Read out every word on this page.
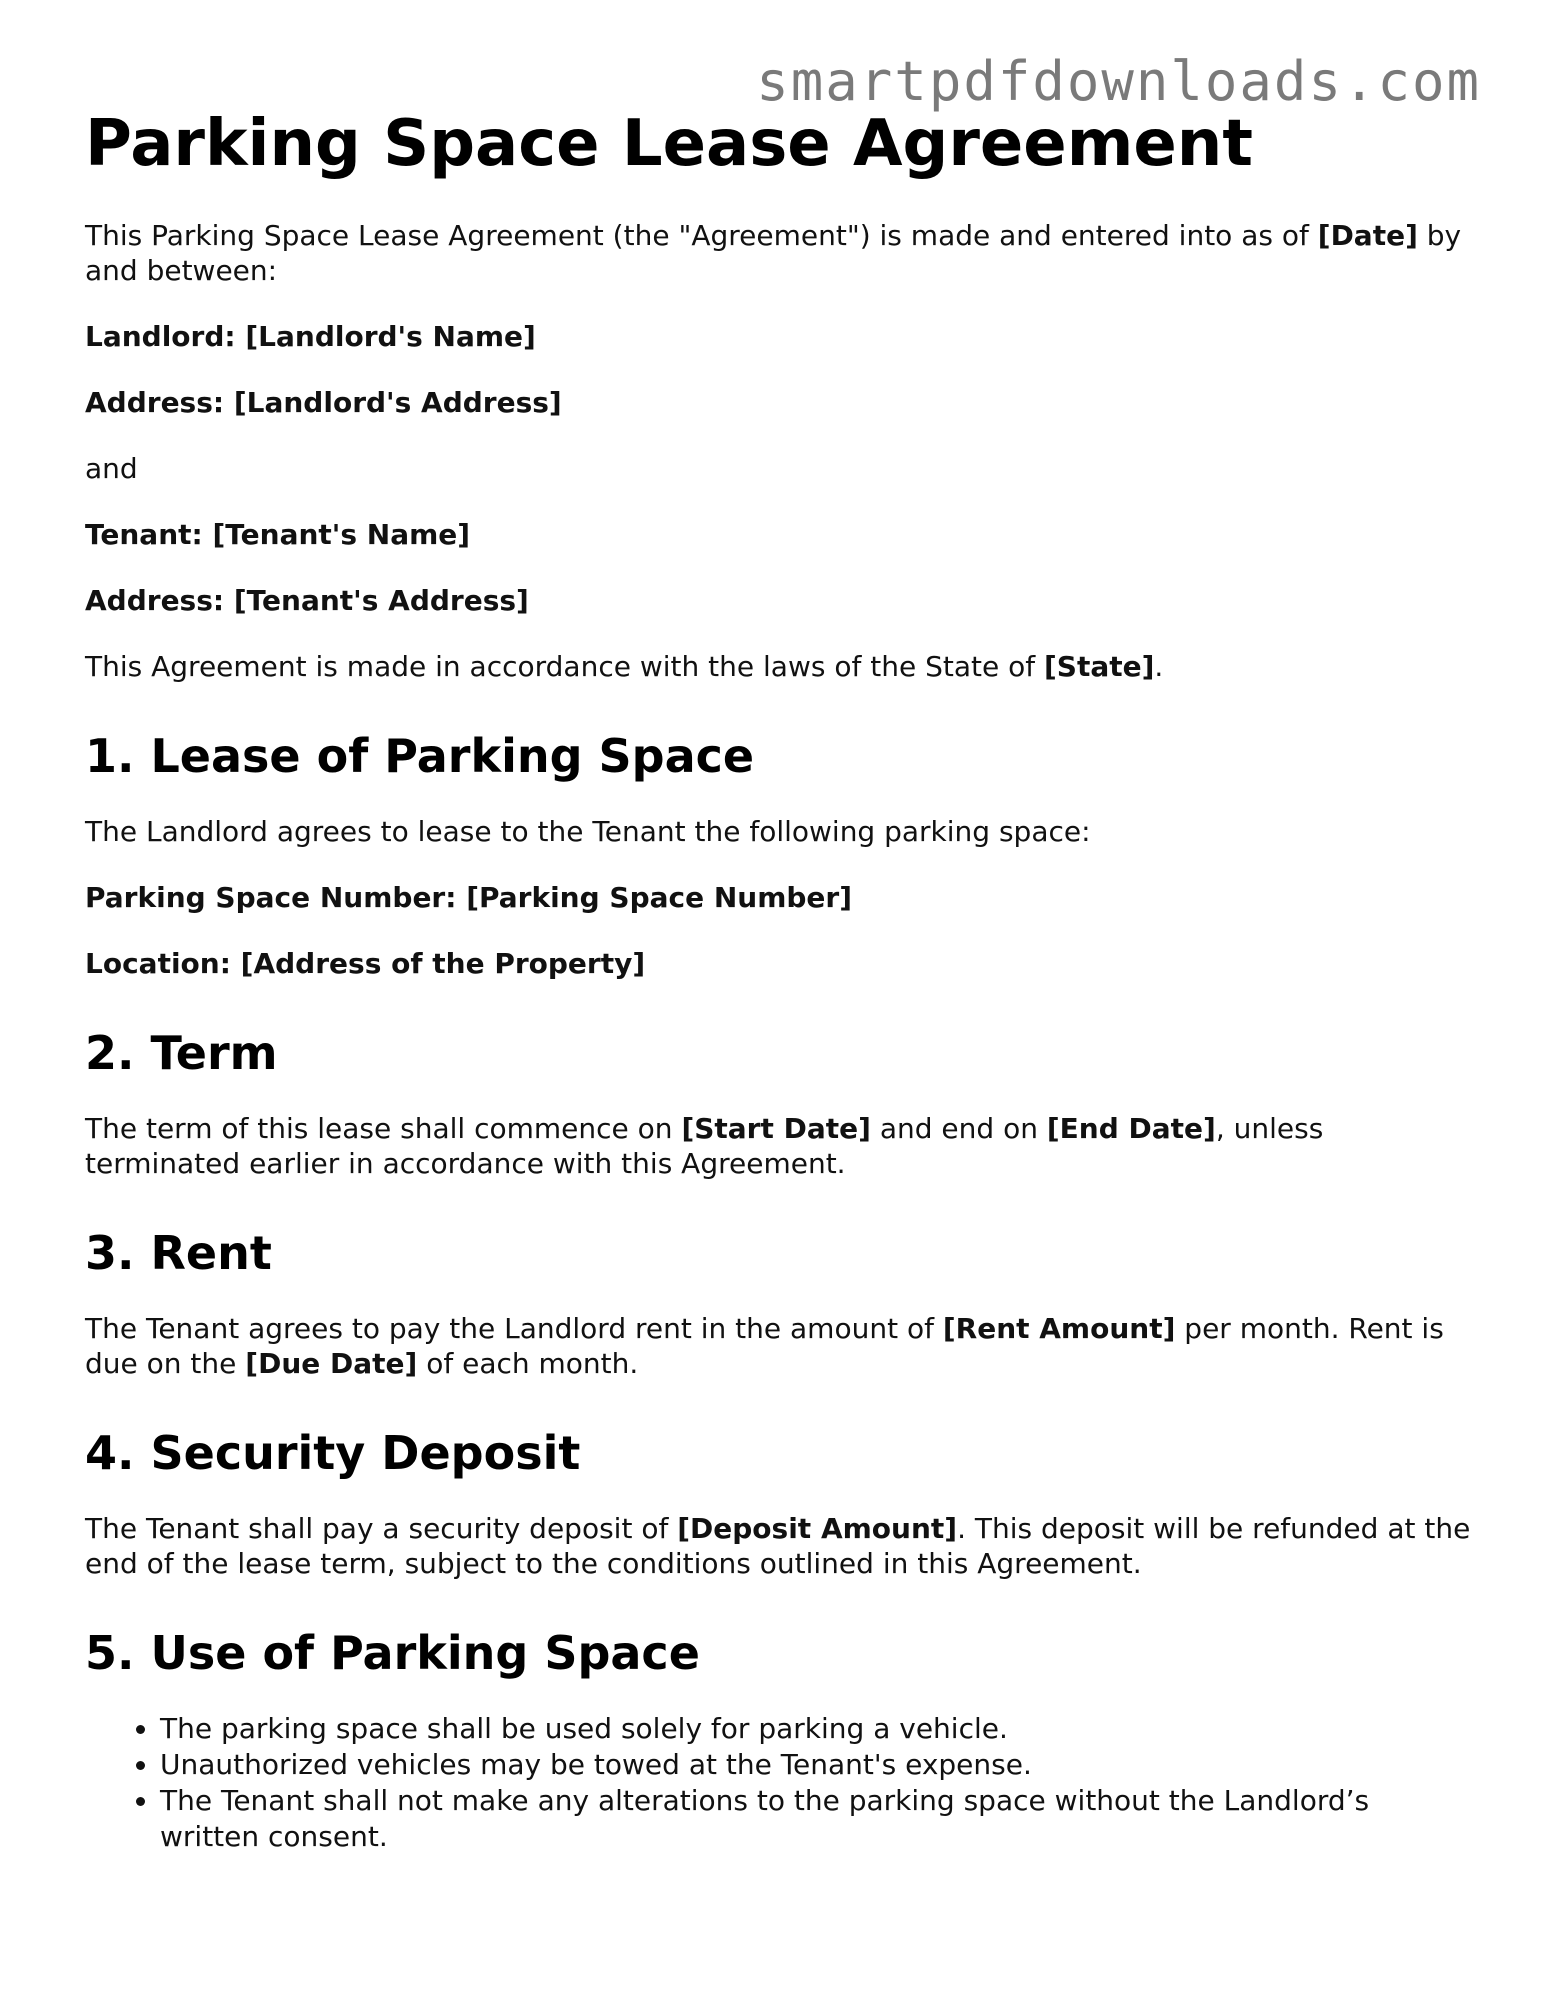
smartpdfdownloads.com
Parking Space Lease Agreement

This Parking Space Lease Agreement (the "Agreement") is made and entered into as of [Date] by and between:

Landlord: [Landlord's Name]

Address: [Landlord's Address]

and

Tenant: [Tenant's Name]

Address: [Tenant's Address]

This Agreement is made in accordance with the laws of the State of [State].

1. Lease of Parking Space

The Landlord agrees to lease to the Tenant the following parking space:

Parking Space Number: [Parking Space Number]

Location: [Address of the Property]

2. Term

The term of this lease shall commence on [Start Date] and end on [End Date], unless terminated earlier in accordance with this Agreement.

3. Rent

The Tenant agrees to pay the Landlord rent in the amount of [Rent Amount] per month. Rent is due on the [Due Date] of each month.

4. Security Deposit

The Tenant shall pay a security deposit of [Deposit Amount]. This deposit will be refunded at the end of the lease term, subject to the conditions outlined in this Agreement.

5. Use of Parking Space
• The parking space shall be used solely for parking a vehicle.
• Unauthorized vehicles may be towed at the Tenant's expense.
• The Tenant shall not make any alterations to the parking space without the Landlord’s written consent.
